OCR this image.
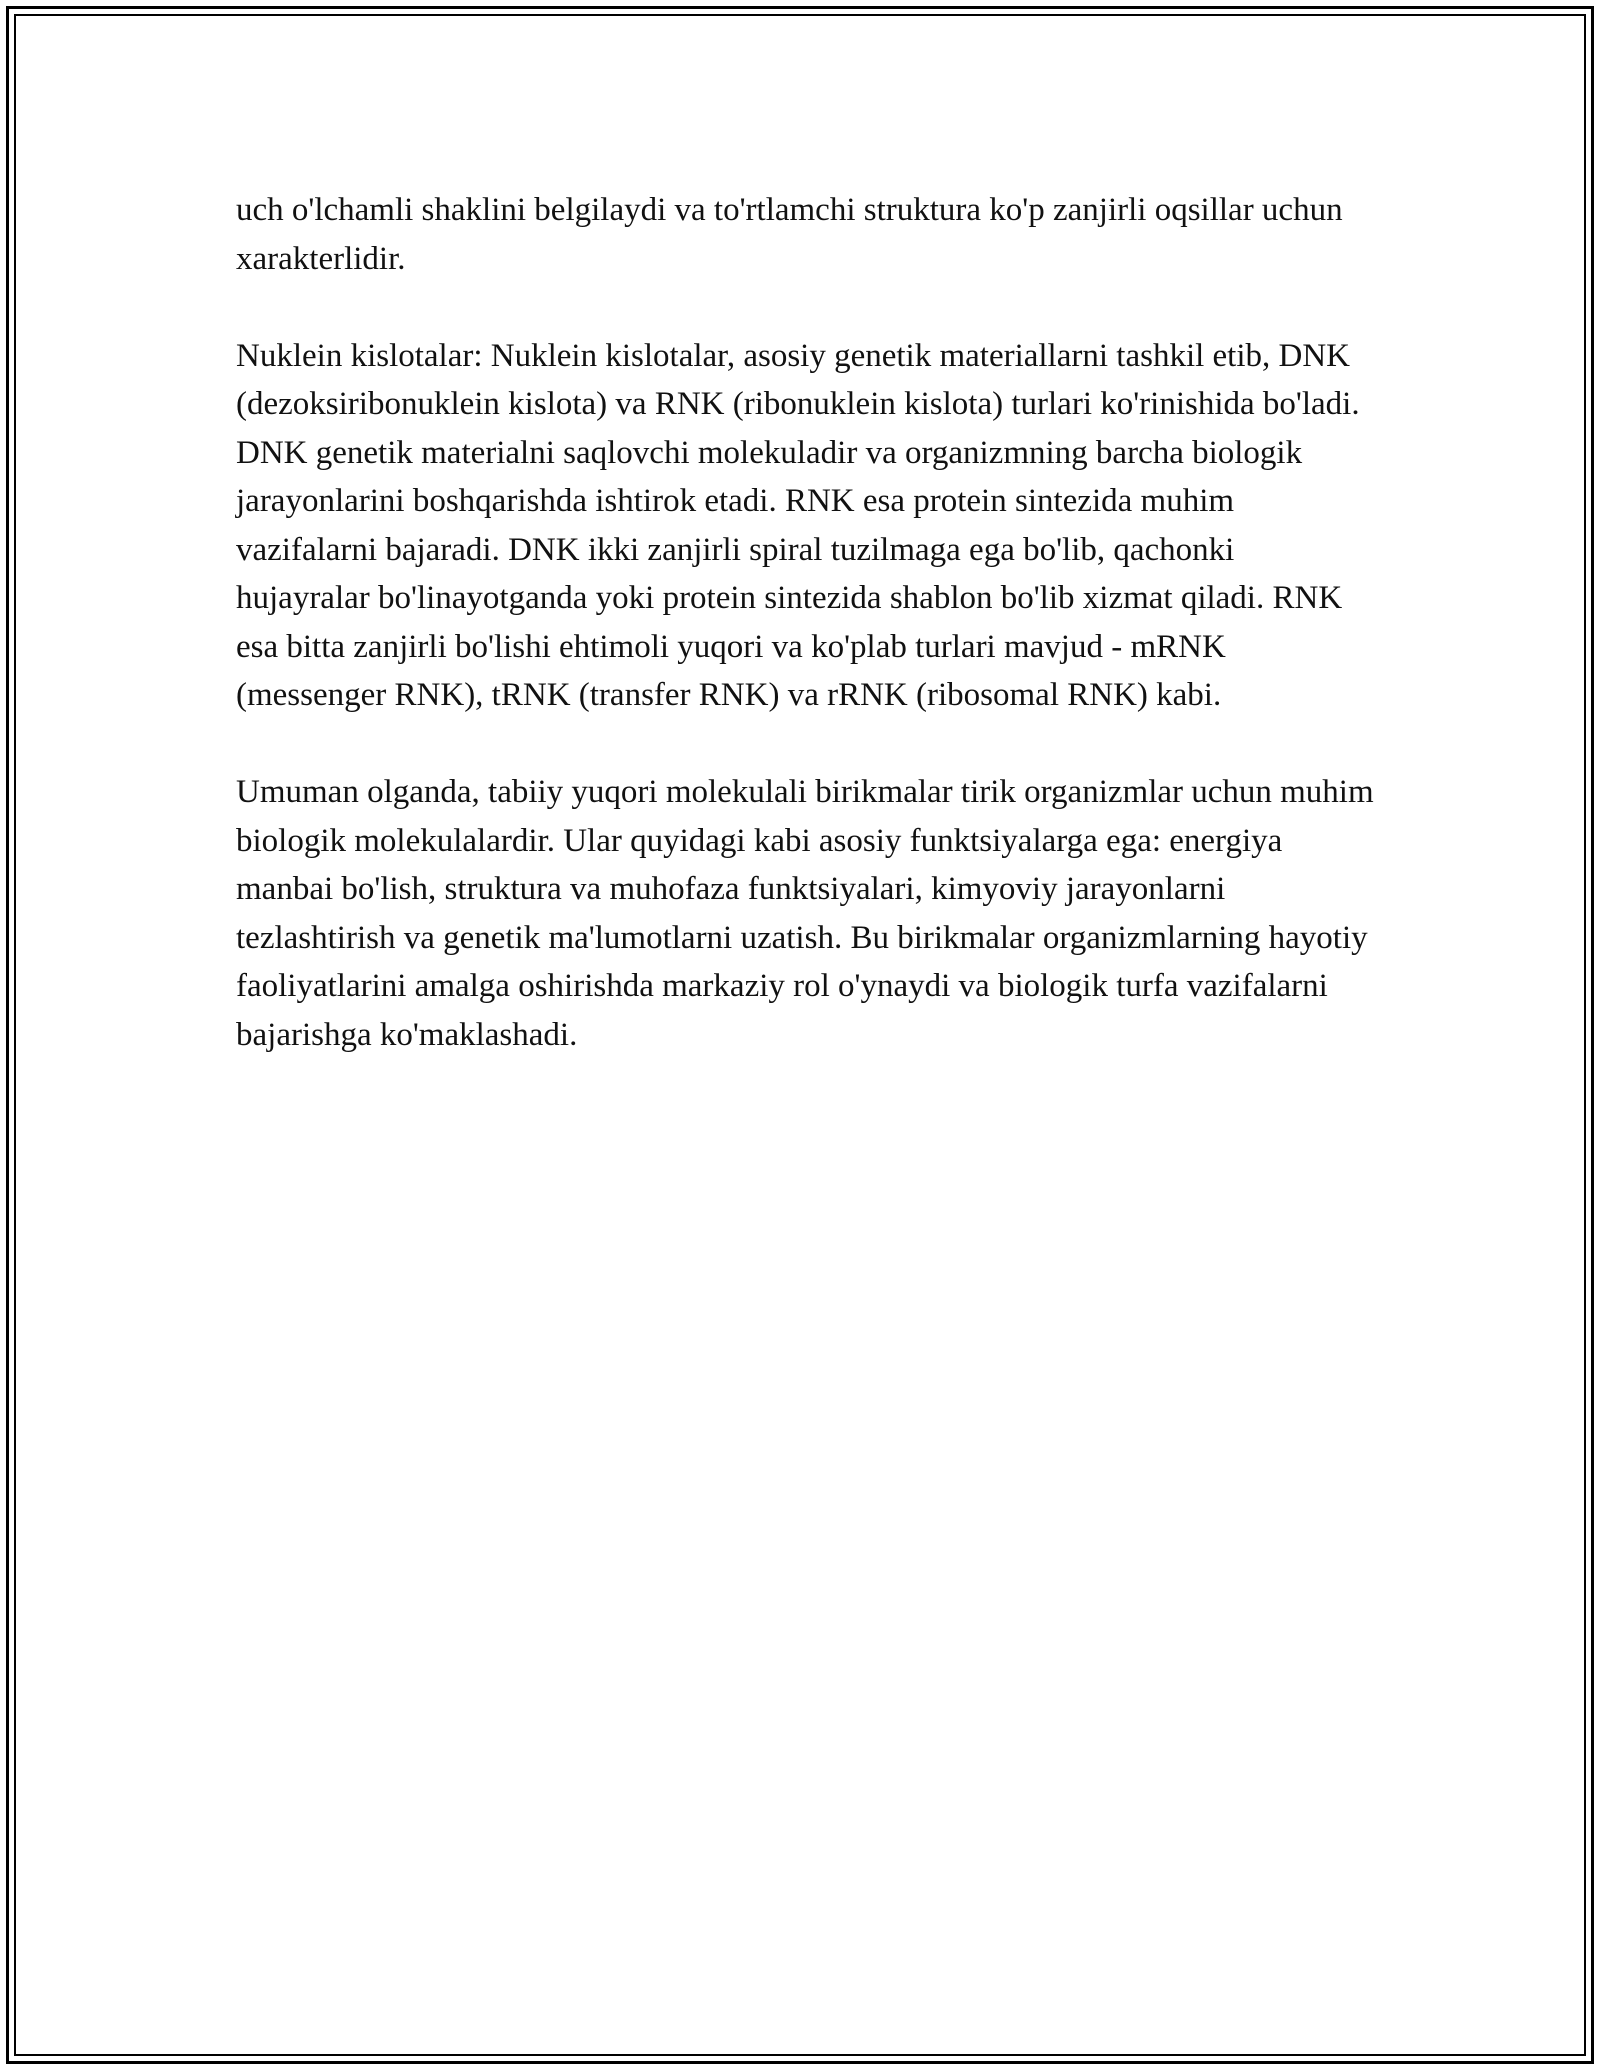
uch o'lchamli shaklini belgilaydi va to'rtlamchi struktura ko'p zanjirli oqsillar uchun xarakterlidir.

Nuklein kislotalar: Nuklein kislotalar, asosiy genetik materiallarni tashkil etib, DNK (dezoksiribonuklein kislota) va RNK (ribonuklein kislota) turlari ko'rinishida bo'ladi. DNK genetik materialni saqlovchi molekuladir va organizmning barcha biologik jarayonlarini boshqarishda ishtirok etadi. RNK esa protein sintezida muhim vazifalarni bajaradi. DNK ikki zanjirli spiral tuzilmaga ega bo'lib, qachonki hujayralar bo'linayotganda yoki protein sintezida shablon bo'lib xizmat qiladi. RNK esa bitta zanjirli bo'lishi ehtimoli yuqori va ko'plab turlari mavjud - mRNK (messenger RNK), tRNK (transfer RNK) va rRNK (ribosomal RNK) kabi.

Umuman olganda, tabiiy yuqori molekulali birikmalar tirik organizmlar uchun muhim biologik molekulalardir. Ular quyidagi kabi asosiy funktsiyalarga ega: energiya manbai bo'lish, struktura va muhofaza funktsiyalari, kimyoviy jarayonlarni tezlashtirish va genetik ma'lumotlarni uzatish. Bu birikmalar organizmlarning hayotiy faoliyatlarini amalga oshirishda markaziy rol o'ynaydi va biologik turfa vazifalarni bajarishga ko'maklashadi.
